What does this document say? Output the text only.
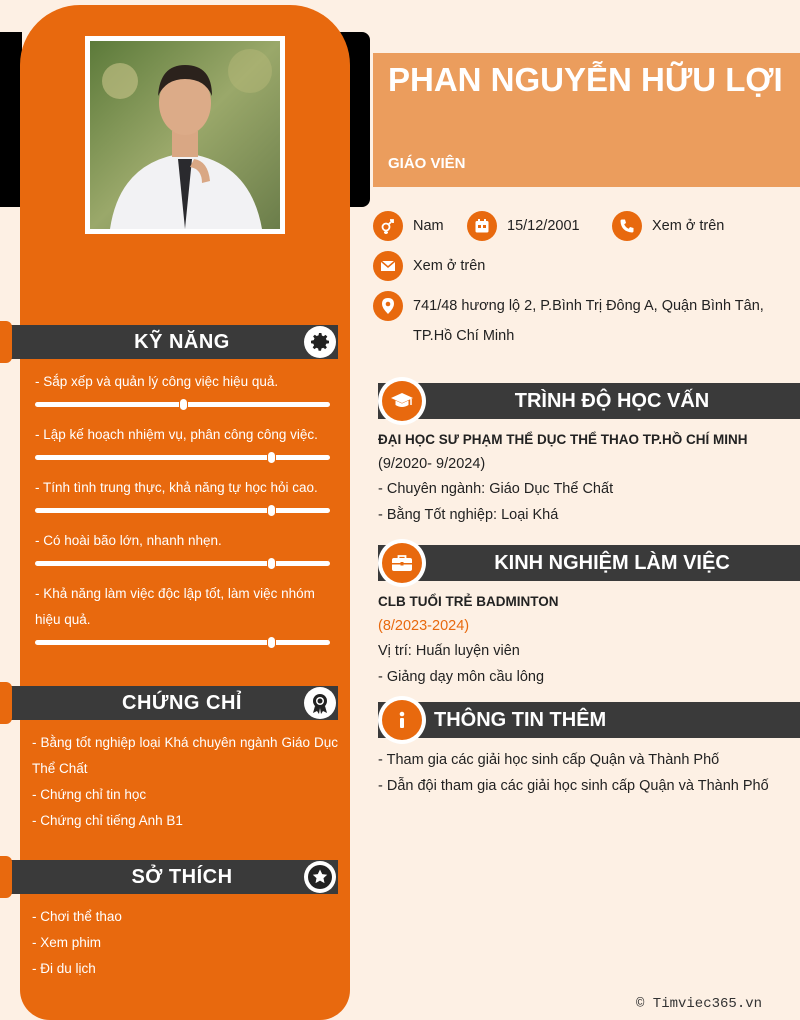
KỸ NĂNG
- Sắp xếp và quản lý công việc hiệu quả.
- Lập kế hoạch nhiệm vụ, phân công công việc.
- Tính tình trung thực, khả năng tự học hỏi cao.
- Có hoài bão lớn, nhanh nhẹn.
- Khả năng làm việc độc lập tốt, làm việc nhóm hiệu quả.
CHỨNG CHỈ
- Bằng tốt nghiệp loại Khá chuyên ngành Giáo Dục Thể Chất
- Chứng chỉ tin học
- Chứng chỉ tiếng Anh B1
SỞ THÍCH
- Chơi thể thao
- Xem phim
- Đi du lịch
PHAN NGUYỄN HỮU LỢI
GIÁO VIÊN
Nam	15/12/2001	Xem ở trên
Xem ở trên
741/48 hương lộ 2, P.Bình Trị Đông A, Quận Bình Tân,
TP.Hồ Chí Minh
TRÌNH ĐỘ HỌC VẤN
ĐẠI HỌC SƯ PHẠM THỂ DỤC THỂ THAO TP.HỒ CHÍ MINH
(9/2020- 9/2024)
- Chuyên ngành: Giáo Dục Thể Chất
- Bằng Tốt nghiệp: Loại Khá
KINH NGHIỆM LÀM VIỆC
CLB TUỔI TRẺ BADMINTON
(8/2023-2024)
Vị trí: Huấn luyện viên
- Giảng dạy môn cầu lông
THÔNG TIN THÊM
- Tham gia các giải học sinh cấp Quận và Thành Phố
- Dẫn đội tham gia các giải học sinh cấp Quận và Thành Phố
© Timviec365.vn
